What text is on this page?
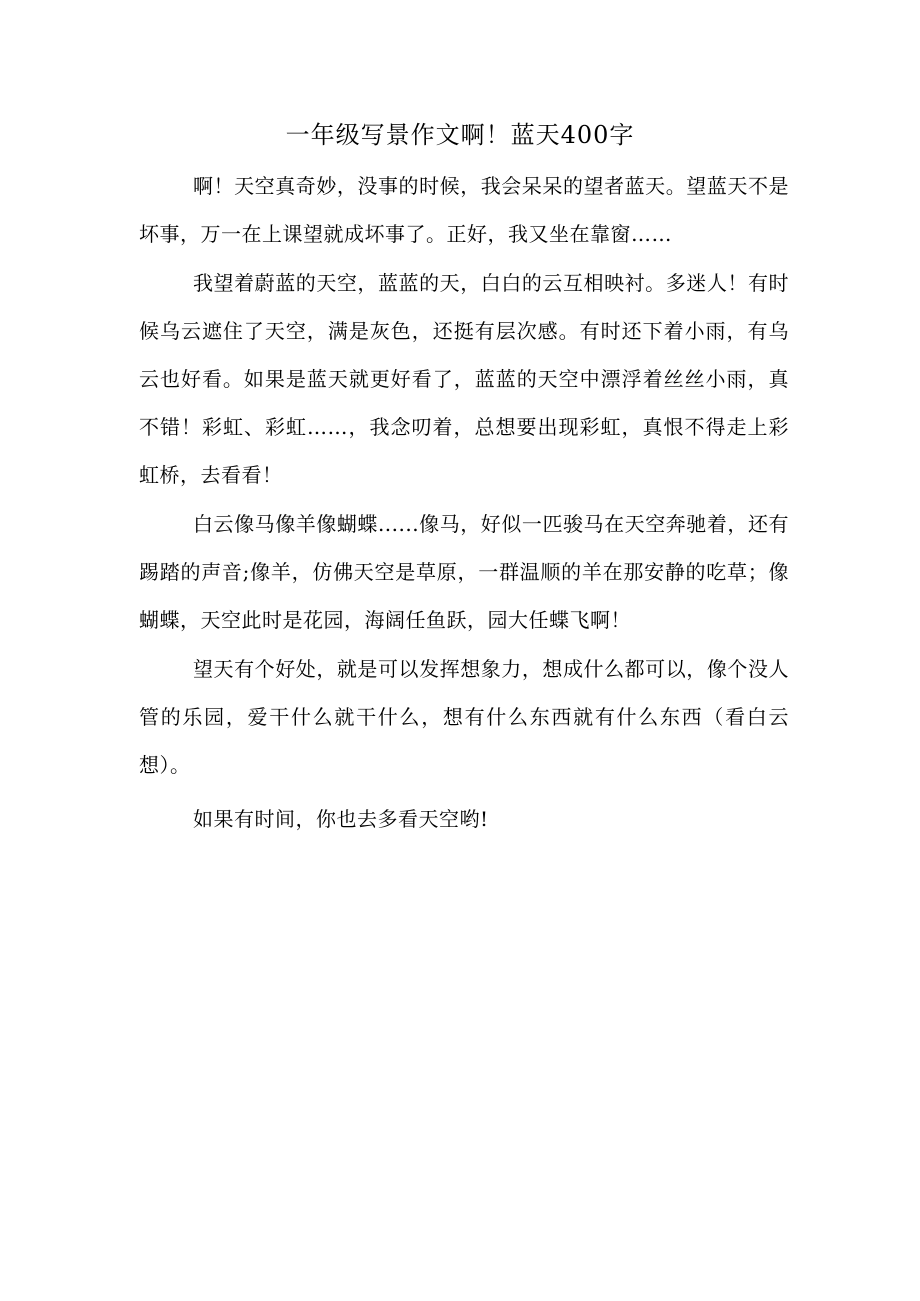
一年级写景作文啊！蓝天400字

啊！天空真奇妙，没事的时候，我会呆呆的望者蓝天。望蓝天不是坏事，万一在上课望就成坏事了。正好，我又坐在靠窗……

我望着蔚蓝的天空，蓝蓝的天，白白的云互相映衬。多迷人！有时候乌云遮住了天空，满是灰色，还挺有层次感。有时还下着小雨，有乌云也好看。如果是蓝天就更好看了，蓝蓝的天空中漂浮着丝丝小雨，真不错！彩虹、彩虹……，我念叨着，总想要出现彩虹，真恨不得走上彩虹桥，去看看！

白云像马像羊像蝴蝶......像马，好似一匹骏马在天空奔驰着，还有踢踏的声音;像羊，仿佛天空是草原，一群温顺的羊在那安静的吃草；像蝴蝶，天空此时是花园，海阔任鱼跃，园大任蝶飞啊！

望天有个好处，就是可以发挥想象力，想成什么都可以，像个没人管的乐园，爱干什么就干什么，想有什么东西就有什么东西（看白云想）。

如果有时间，你也去多看天空哟!
